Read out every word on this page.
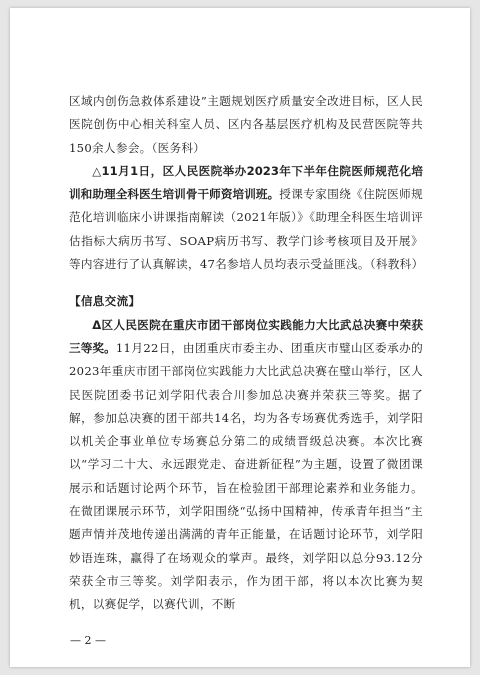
区域内创伤急救体系建设”主题规划医疗质量安全改进目标，区人民医院创伤中心相关科室人员、区内各基层医疗机构及民营医院等共150余人参会。（医务科）

△11月1日，区人民医院举办2023年下半年住院医师规范化培训和助理全科医生培训骨干师资培训班。授课专家围绕《住院医师规范化培训临床小讲课指南解读（2021年版）》《助理全科医生培训评估指标大病历书写、SOAP病历书写、教学门诊考核项目及开展》等内容进行了认真解读，47名参培人员均表示受益匪浅。（科教科）

【信息交流】

Δ区人民医院在重庆市团干部岗位实践能力大比武总决赛中荣获三等奖。11月22日，由团重庆市委主办、团重庆市璧山区委承办的2023年重庆市团干部岗位实践能力大比武总决赛在璧山举行，区人民医院团委书记刘学阳代表合川参加总决赛并荣获三等奖。据了解，参加总决赛的团干部共14名，均为各专场赛优秀选手，刘学阳以机关企事业单位专场赛总分第二的成绩晋级总决赛。本次比赛以“学习二十大、永远跟党走、奋进新征程”为主题，设置了微团课展示和话题讨论两个环节，旨在检验团干部理论素养和业务能力。在微团课展示环节，刘学阳围绕“弘扬中国精神，传承青年担当”主题声情并茂地传递出满满的青年正能量，在话题讨论环节，刘学阳妙语连珠，赢得了在场观众的掌声。最终，刘学阳以总分93.12分荣获全市三等奖。刘学阳表示，作为团干部，将以本次比赛为契机，以赛促学，以赛代训，不断

— 2 —
